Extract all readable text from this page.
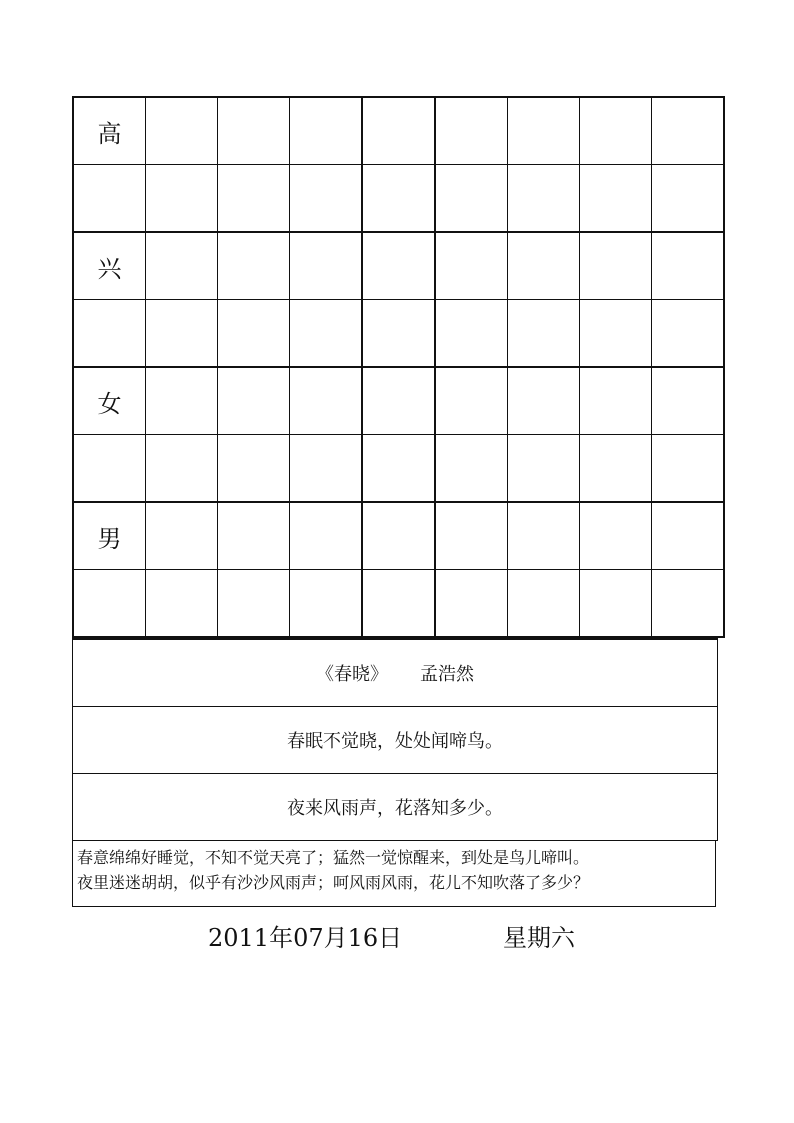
高								

兴								

女								

男								

《春晓》 孟浩然
春眠不觉晓，处处闻啼鸟。
夜来风雨声，花落知多少。
春意绵绵好睡觉，不知不觉天亮了；猛然一觉惊醒来，到处是鸟儿啼叫。
夜里迷迷胡胡，似乎有沙沙风雨声；呵风雨风雨，花儿不知吹落了多少？
2011年07月16日	星期六
